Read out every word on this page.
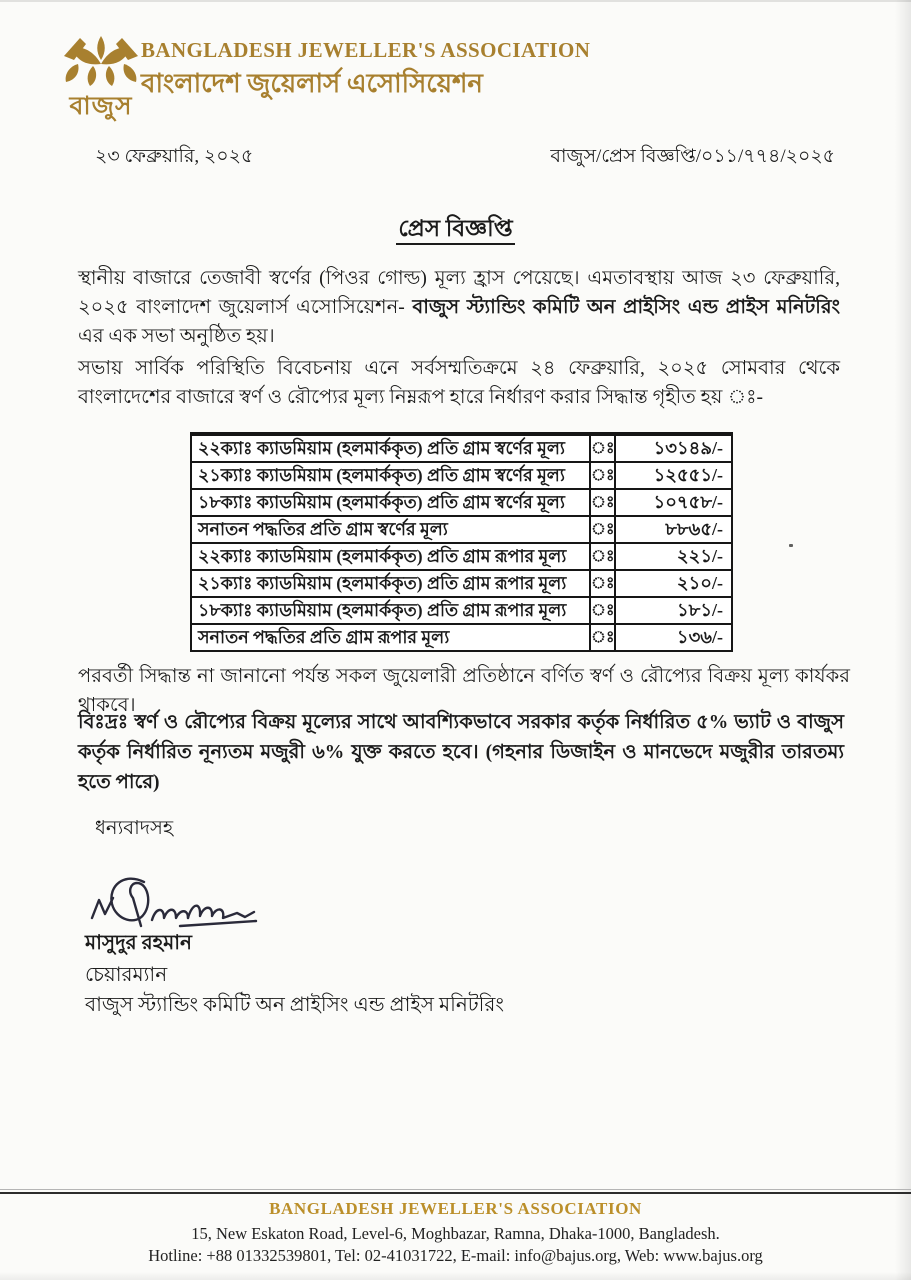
বাজুস
BANGLADESH JEWELLER'S ASSOCIATION
বাংলাদেশ জুয়েলার্স এসোসিয়েশন
২৩ ফেব্রুয়ারি, ২০২৫	বাজুস/প্রেস বিজ্ঞপ্তি/০১১/৭৭৪/২০২৫
প্রেস বিজ্ঞপ্তি
স্থানীয় বাজারে তেজাবী স্বর্ণের (পিওর গোল্ড) মূল্য হ্রাস পেয়েছে। এমতাবস্থায় আজ ২৩ ফেব্রুয়ারি, ২০২৫ বাংলাদেশ জুয়েলার্স এসোসিয়েশন- বাজুস স্ট্যান্ডিং কমিটি অন প্রাইসিং এন্ড প্রাইস মনিটরিং এর এক সভা অনুষ্ঠিত হয়।
সভায় সার্বিক পরিস্থিতি বিবেচনায় এনে সর্বসম্মতিক্রমে ২৪ ফেব্রুয়ারি, ২০২৫ সোমবার থেকে বাংলাদেশের বাজারে স্বর্ণ ও রৌপ্যের মূল্য নিম্নরূপ হারে নির্ধারণ করার সিদ্ধান্ত গৃহীত হয় ঃ-
২২ক্যাঃ ক্যাডমিয়াম (হলমার্ককৃত) প্রতি গ্রাম স্বর্ণের মূল্য	ঃ	১৩১৪৯/-
২১ক্যাঃ ক্যাডমিয়াম (হলমার্ককৃত) প্রতি গ্রাম স্বর্ণের মূল্য	ঃ	১২৫৫১/-
১৮ক্যাঃ ক্যাডমিয়াম (হলমার্ককৃত) প্রতি গ্রাম স্বর্ণের মূল্য	ঃ	১০৭৫৮/-
সনাতন পদ্ধতির প্রতি গ্রাম স্বর্ণের মূল্য	ঃ	৮৮৬৫/-
২২ক্যাঃ ক্যাডমিয়াম (হলমার্ককৃত) প্রতি গ্রাম রূপার মূল্য	ঃ	২২১/-
২১ক্যাঃ ক্যাডমিয়াম (হলমার্ককৃত) প্রতি গ্রাম রূপার মূল্য	ঃ	২১০/-
১৮ক্যাঃ ক্যাডমিয়াম (হলমার্ককৃত) প্রতি গ্রাম রূপার মূল্য	ঃ	১৮১/-
সনাতন পদ্ধতির প্রতি গ্রাম রূপার মূল্য	ঃ	১৩৬/-
পরবর্তী সিদ্ধান্ত না জানানো পর্যন্ত সকল জুয়েলারী প্রতিষ্ঠানে বর্ণিত স্বর্ণ ও রৌপ্যের বিক্রয় মূল্য কার্যকর থাকবে।
বিঃদ্রঃ স্বর্ণ ও রৌপ্যের বিক্রয় মূল্যের সাথে আবশ্যিকভাবে সরকার কর্তৃক নির্ধারিত ৫% ভ্যাট ও বাজুস কর্তৃক নির্ধারিত নূন্যতম মজুরী ৬% যুক্ত করতে হবে। (গহনার ডিজাইন ও মানভেদে মজুরীর তারতম্য হতে পারে)
ধন্যবাদসহ
মাসুদুর রহমান
চেয়ারম্যান
বাজুস স্ট্যান্ডিং কমিটি অন প্রাইসিং এন্ড প্রাইস মনিটরিং
BANGLADESH JEWELLER'S ASSOCIATION
15, New Eskaton Road, Level-6, Moghbazar, Ramna, Dhaka-1000, Bangladesh.
Hotline: +88 01332539801, Tel: 02-41031722, E-mail: info@bajus.org, Web: www.bajus.org
